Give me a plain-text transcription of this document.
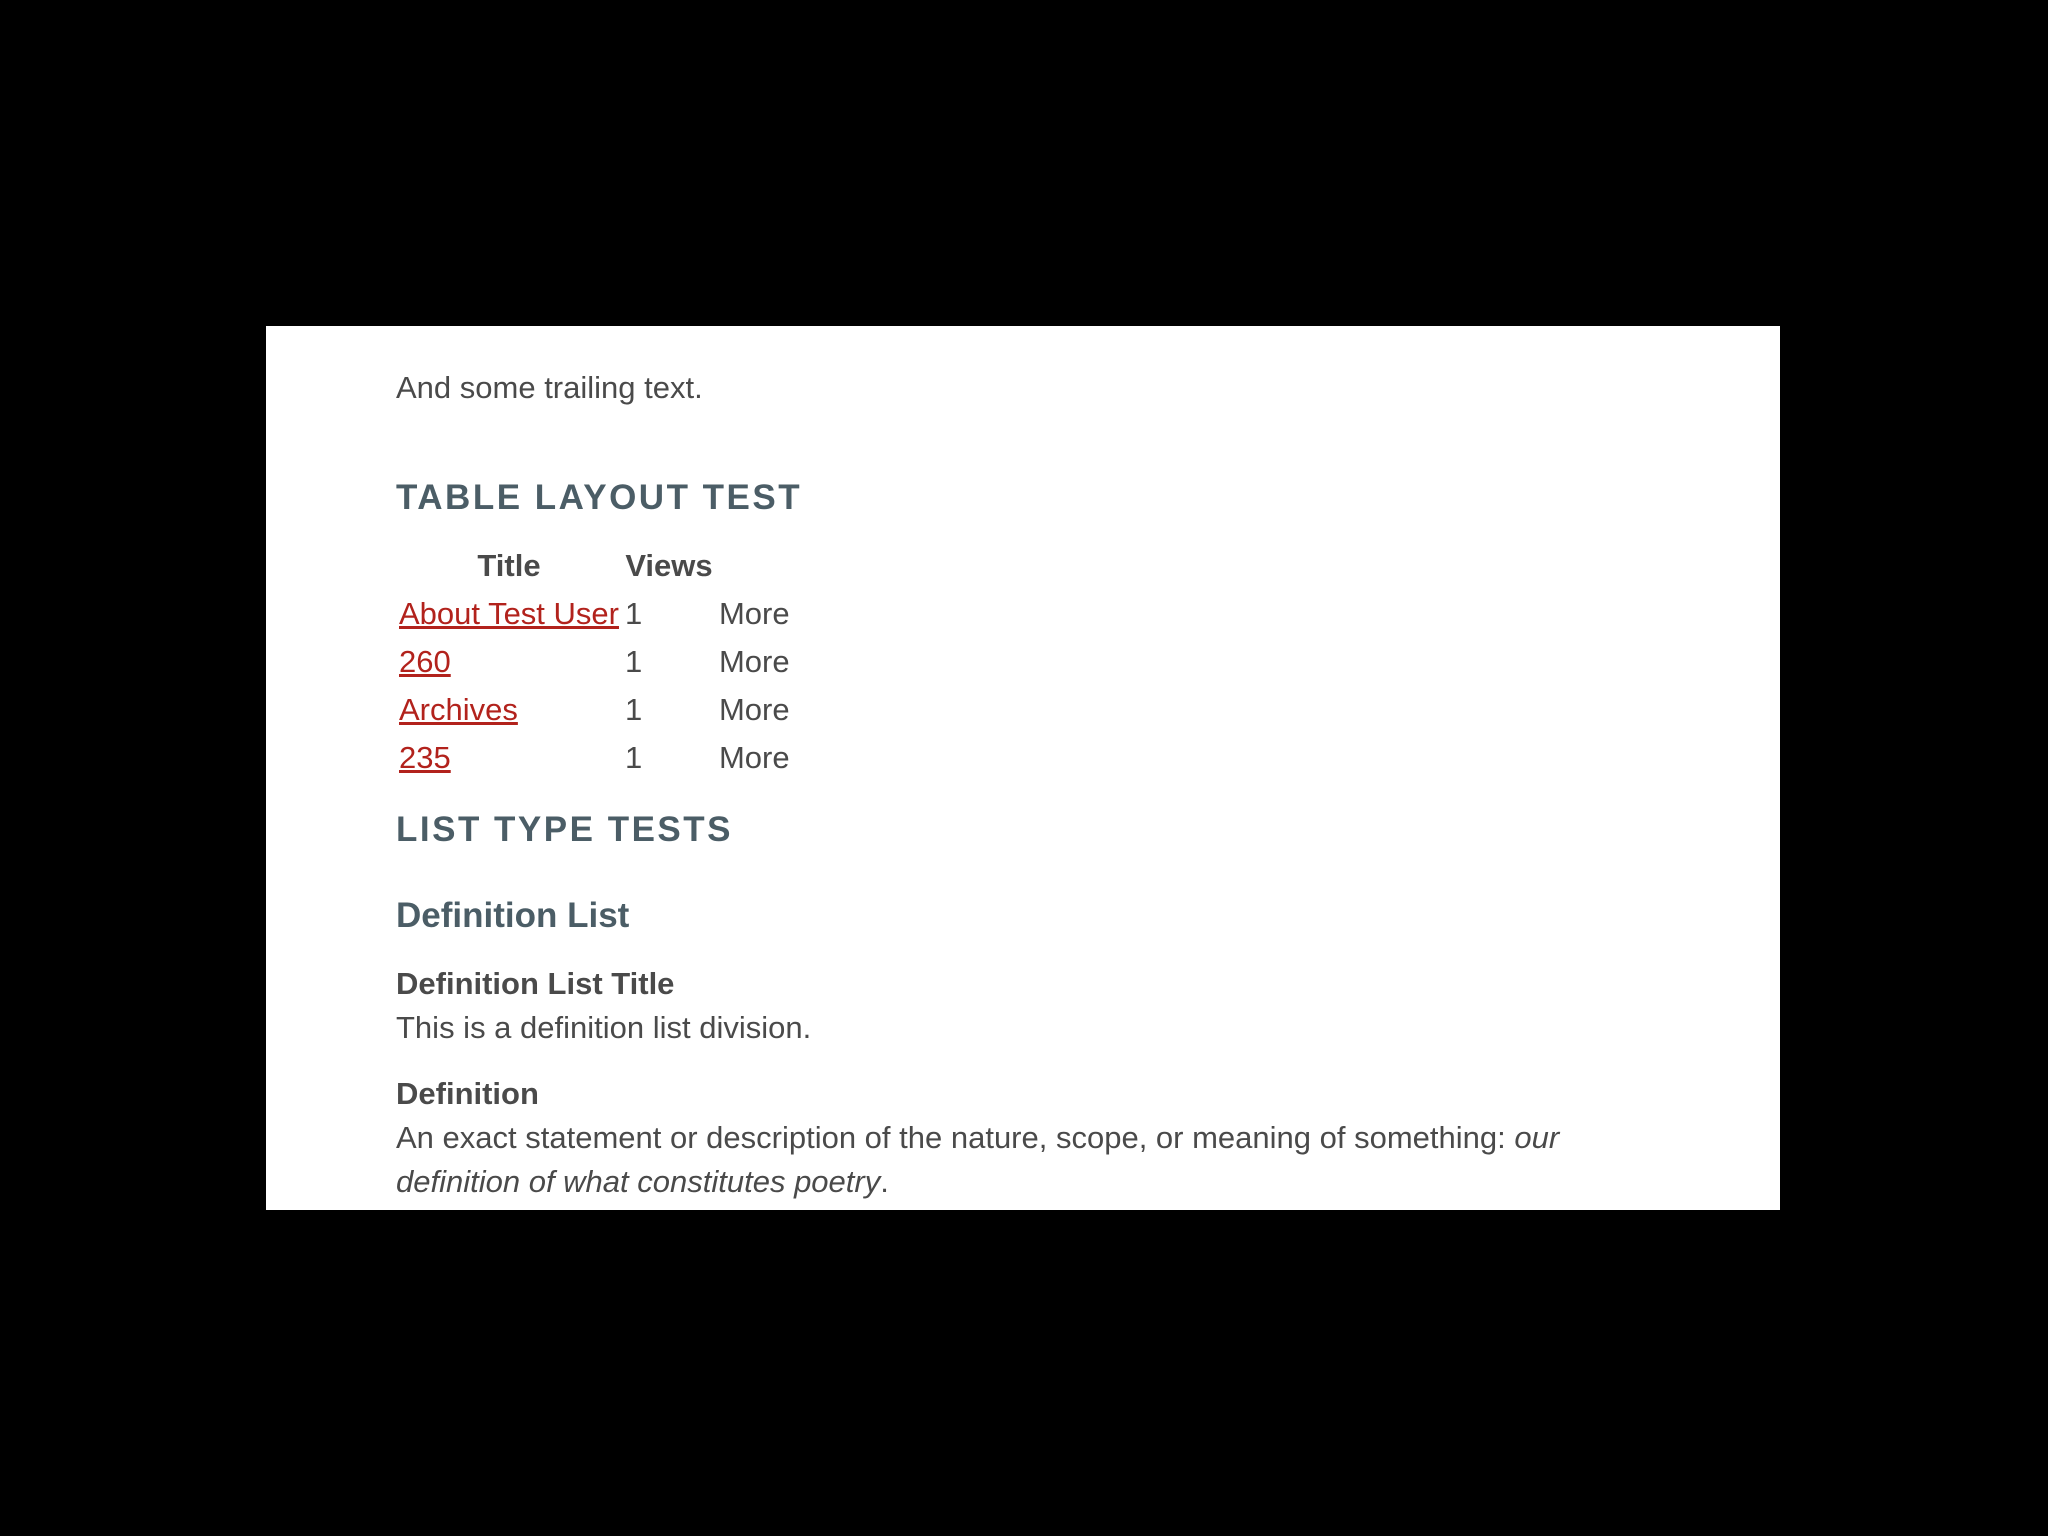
And some trailing text.

TABLE LAYOUT TEST
Title	Views	
About Test User	1	More
260	1	More
Archives	1	More
235	1	More
LIST TYPE TESTS
Definition List
Definition List Title
This is a definition list division.
Definition
An exact statement or description of the nature, scope, or meaning of something: our definition of what constitutes poetry.
